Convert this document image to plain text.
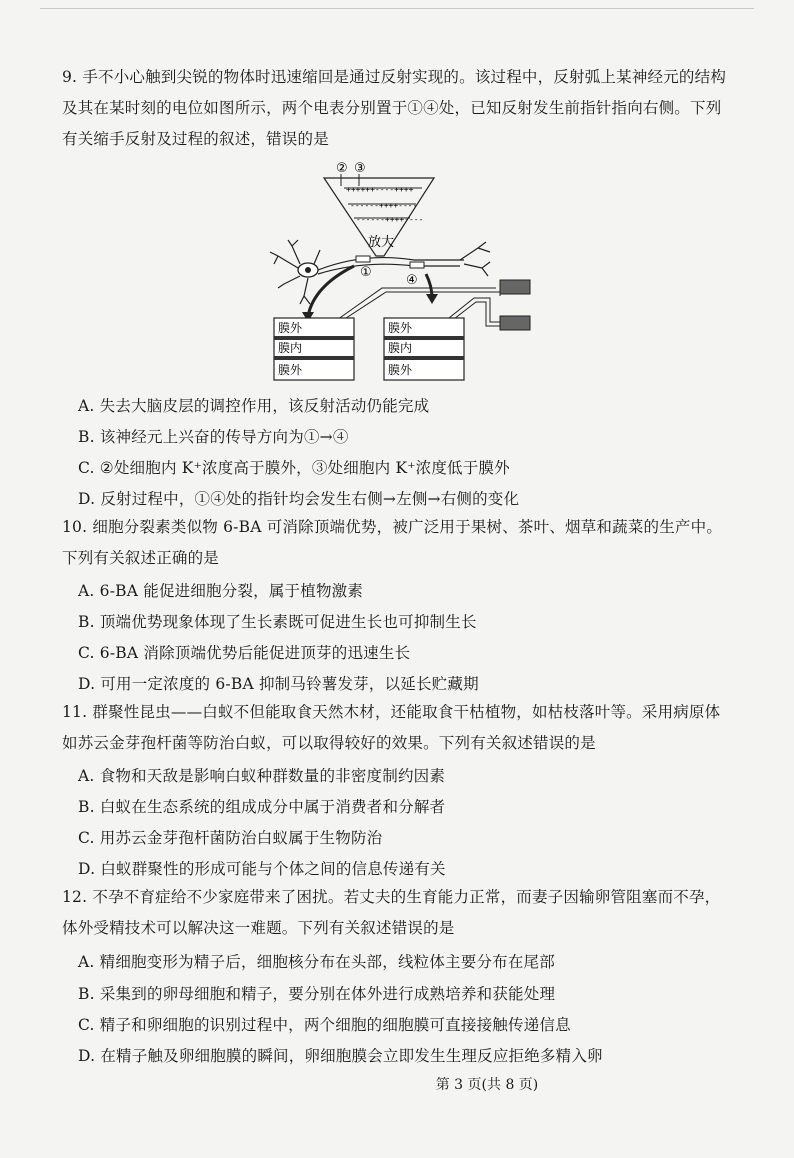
9. 手不小心触到尖锐的物体时迅速缩回是通过反射实现的。该过程中，反射弧上某神经元的结构及其在某时刻的电位如图所示，两个电表分别置于①④处，已知反射发生前指针指向右侧。下列有关缩手反射及过程的叙述，错误的是
② ③
++++++----++++
------++++----
------++++----
放大
①
④
膜外
膜内
膜外
膜外
膜内
膜外
A. 失去大脑皮层的调控作用，该反射活动仍能完成
B. 该神经元上兴奋的传导方向为①→④
C. ②处细胞内 K⁺浓度高于膜外，③处细胞内 K⁺浓度低于膜外
D. 反射过程中，①④处的指针均会发生右侧→左侧→右侧的变化
10. 细胞分裂素类似物 6-BA 可消除顶端优势，被广泛用于果树、茶叶、烟草和蔬菜的生产中。下列有关叙述正确的是
A. 6-BA 能促进细胞分裂，属于植物激素
B. 顶端优势现象体现了生长素既可促进生长也可抑制生长
C. 6-BA 消除顶端优势后能促进顶芽的迅速生长
D. 可用一定浓度的 6-BA 抑制马铃薯发芽，以延长贮藏期
11. 群聚性昆虫——白蚁不但能取食天然木材，还能取食干枯植物，如枯枝落叶等。采用病原体如苏云金芽孢杆菌等防治白蚁，可以取得较好的效果。下列有关叙述错误的是
A. 食物和天敌是影响白蚁种群数量的非密度制约因素
B. 白蚁在生态系统的组成成分中属于消费者和分解者
C. 用苏云金芽孢杆菌防治白蚁属于生物防治
D. 白蚁群聚性的形成可能与个体之间的信息传递有关
12. 不孕不育症给不少家庭带来了困扰。若丈夫的生育能力正常，而妻子因输卵管阻塞而不孕，体外受精技术可以解决这一难题。下列有关叙述错误的是
A. 精细胞变形为精子后，细胞核分布在头部，线粒体主要分布在尾部
B. 采集到的卵母细胞和精子，要分别在体外进行成熟培养和获能处理
C. 精子和卵细胞的识别过程中，两个细胞的细胞膜可直接接触传递信息
D. 在精子触及卵细胞膜的瞬间，卵细胞膜会立即发生生理反应拒绝多精入卵
第 3 页(共 8 页)
